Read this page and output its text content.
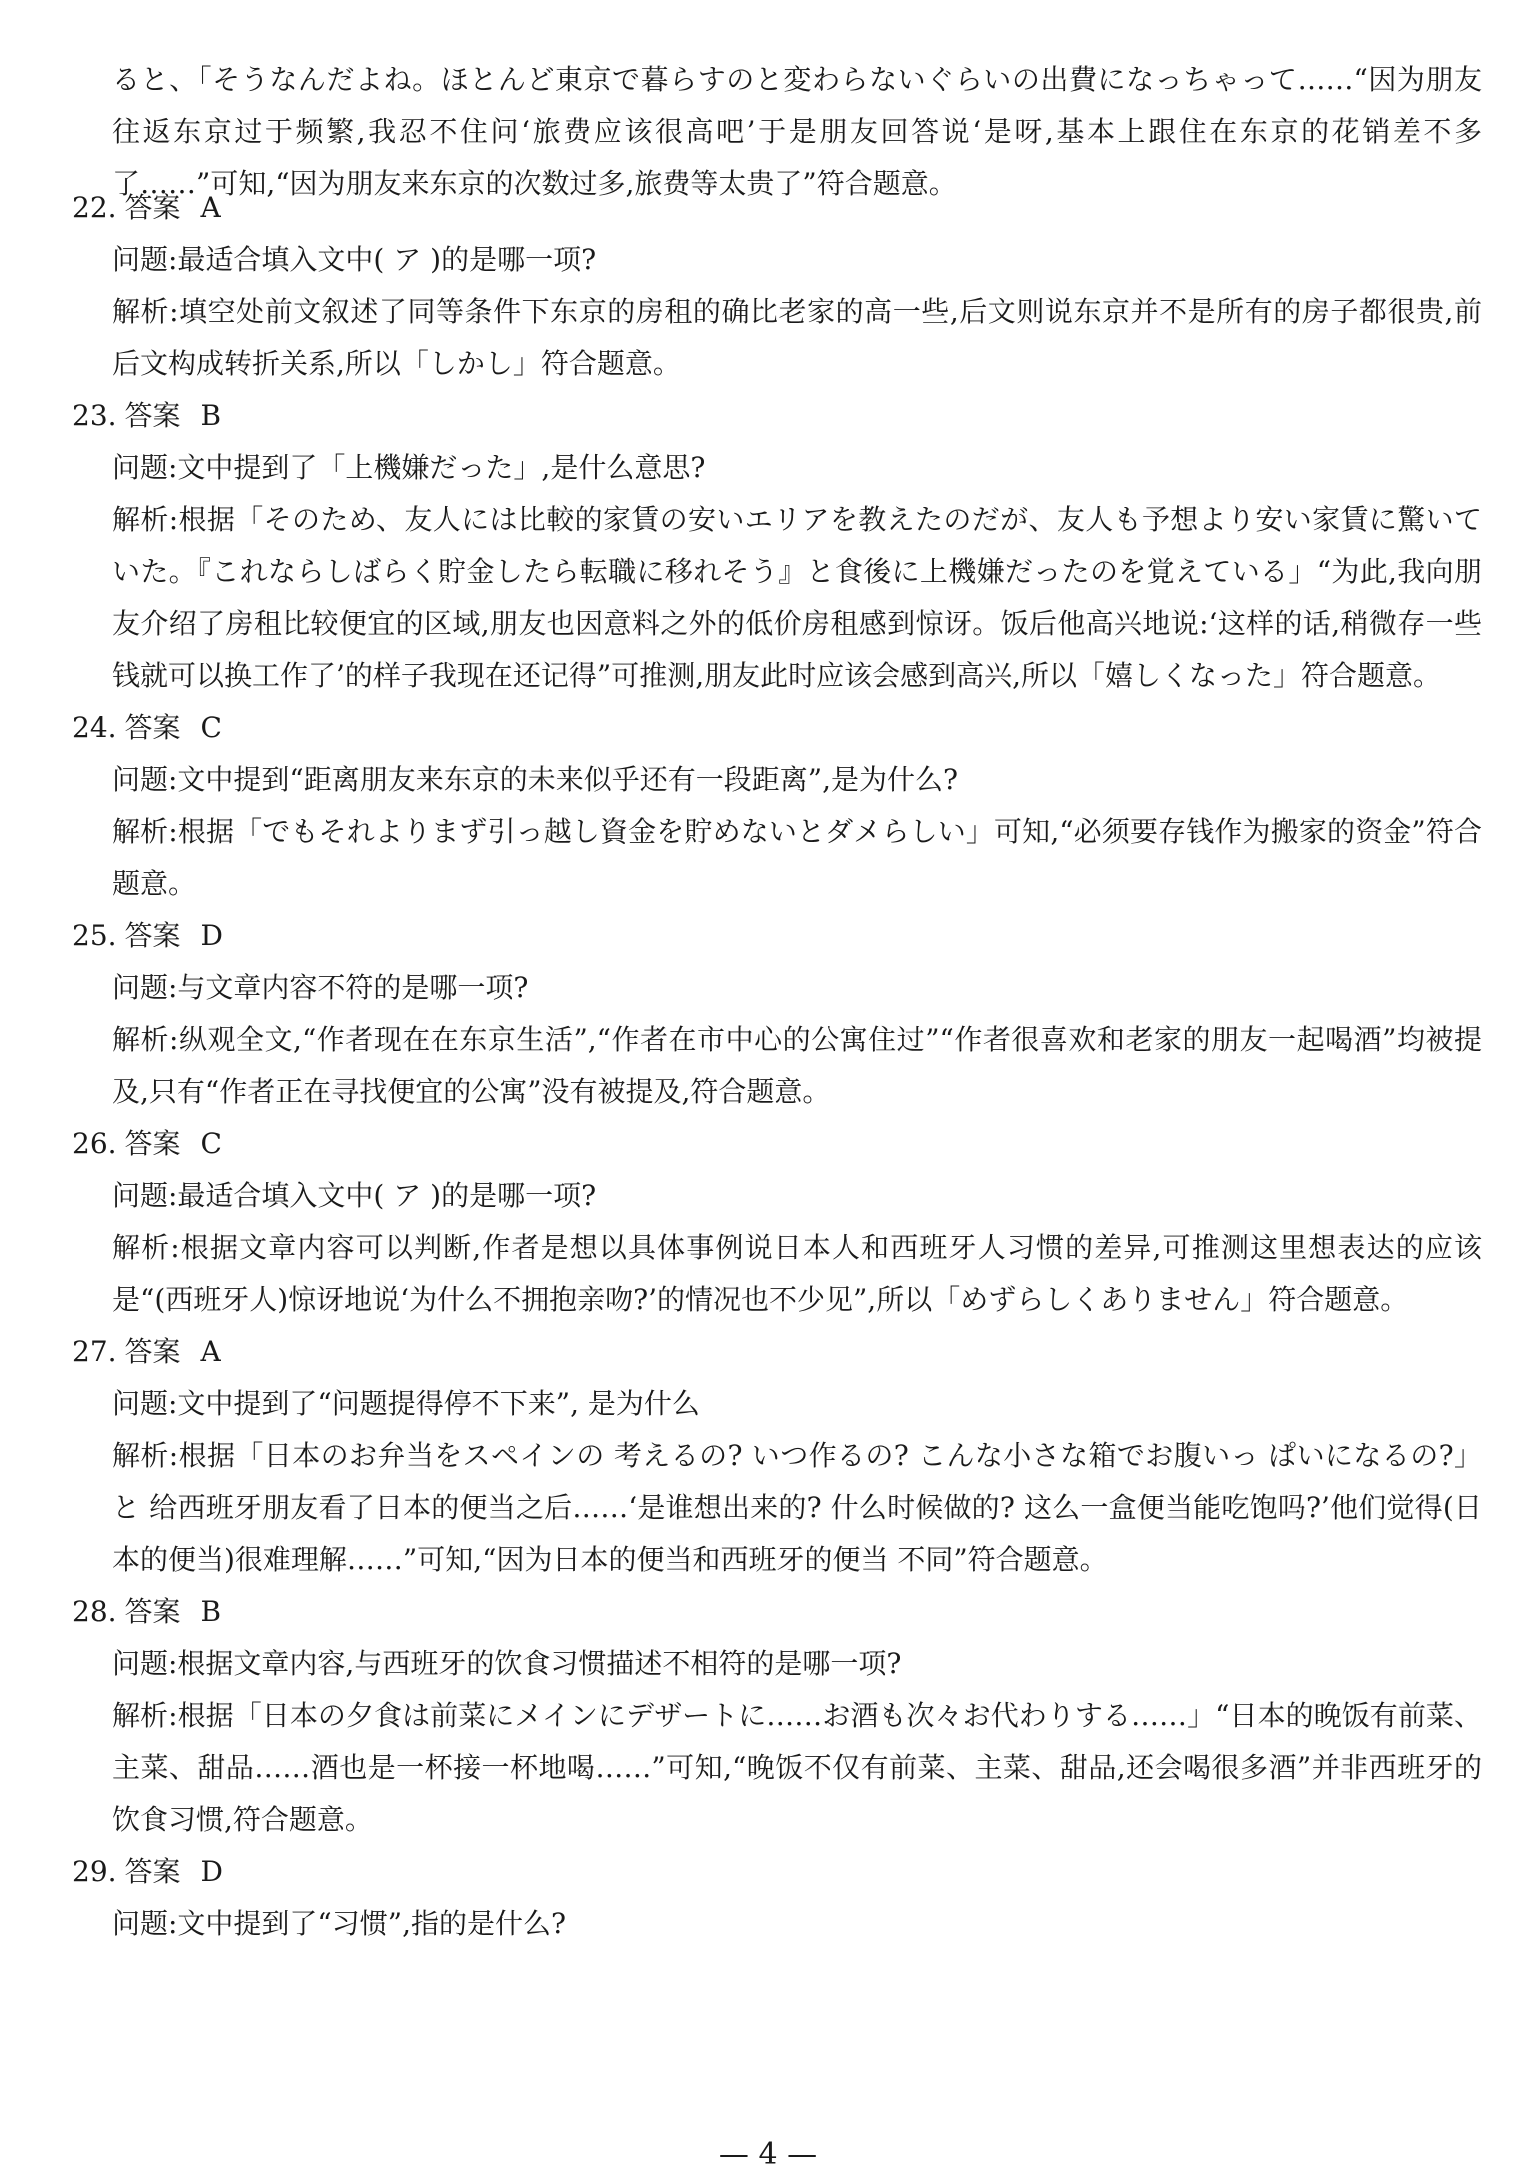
ると、「そうなんだよね。ほとんど東京で暮らすのと変わらないぐらいの出費になっちゃって……“因为朋友往返东京过于频繁,我忍不住问‘旅费应该很高吧’于是朋友回答说‘是呀,基本上跟住在东京的花销差不多了……”可知,“因为朋友来东京的次数过多,旅费等太贵了”符合题意。

22. 答案 A
问题:最适合填入文中( ア )的是哪一项?
解析:填空处前文叙述了同等条件下东京的房租的确比老家的高一些,后文则说东京并不是所有的房子都很贵,前后文构成转折关系,所以「しかし」符合题意。
23. 答案 B
问题:文中提到了「上機嫌だった」,是什么意思?
解析:根据「そのため、友人には比較的家賃の安いエリアを教えたのだが、友人も予想より安い家賃に驚いていた。『これならしばらく貯金したら転職に移れそう』と食後に上機嫌だったのを覚えている」“为此,我向朋友介绍了房租比较便宜的区域,朋友也因意料之外的低价房租感到惊讶。饭后他高兴地说:‘这样的话,稍微存一些钱就可以换工作了’的样子我现在还记得”可推测,朋友此时应该会感到高兴,所以「嬉しくなった」符合题意。
24. 答案 C
问题:文中提到“距离朋友来东京的未来似乎还有一段距离”,是为什么?
解析:根据「でもそれよりまず引っ越し資金を貯めないとダメらしい」可知,“必须要存钱作为搬家的资金”符合题意。
25. 答案 D
问题:与文章内容不符的是哪一项?
解析:纵观全文,“作者现在在东京生活”,“作者在市中心的公寓住过”“作者很喜欢和老家的朋友一起喝酒”均被提及,只有“作者正在寻找便宜的公寓”没有被提及,符合题意。
26. 答案 C
问题:最适合填入文中( ア )的是哪一项?
解析:根据文章内容可以判断,作者是想以具体事例说日本人和西班牙人习惯的差异,可推测这里想表达的应该是“(西班牙人)惊讶地说‘为什么不拥抱亲吻?’的情况也不少见”,所以「めずらしくありません」符合题意。
27. 答案 A
问题:文中提到了“问题提得停不下来”, 是为什么
解析:根据「日本のお弁当をスペインの 考えるの? いつ作るの? こんな小さな箱でお腹いっ ぱいになるの?」と 给西班牙朋友看了日本的便当之后……‘是谁想出来的? 什么时候做的? 这么一盒便当能吃饱吗?’他们觉得(日本的便当)很难理解……”可知,“因为日本的便当和西班牙的便当 不同”符合题意。
28. 答案 B
问题:根据文章内容,与西班牙的饮食习惯描述不相符的是哪一项?
解析:根据「日本の夕食は前菜にメインにデザートに……お酒も次々お代わりする……」“日本的晚饭有前菜、主菜、甜品……酒也是一杯接一杯地喝……”可知,“晚饭不仅有前菜、主菜、甜品,还会喝很多酒”并非西班牙的饮食习惯,符合题意。
29. 答案 D
问题:文中提到了“习惯”,指的是什么?
— 4 —
